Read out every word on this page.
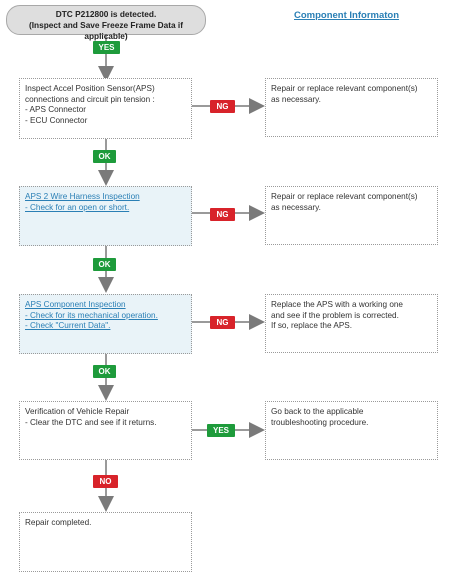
DTC P212800 is detected.
(Inspect and Save Freeze Frame Data if applicable)
Component Informaton
YES
OK
OK
OK
NO
NG
NG
NG
YES
Inspect Accel Position Sensor(APS)
connections and circuit pin tension :
- APS Connector
- ECU Connector
APS 2 Wire Harness Inspection
- Check for an open or short.
APS Component Inspection
- Check for its mechanical operation.
- Check "Current Data".
Verification of Vehicle Repair
- Clear the DTC and see if it returns.
Repair completed.
Repair or replace relevant component(s)
as necessary.
Repair or replace relevant component(s)
as necessary.
Replace the APS with a working one
and see if the problem is corrected.
If so, replace the APS.
Go back to the applicable
troubleshooting procedure.
